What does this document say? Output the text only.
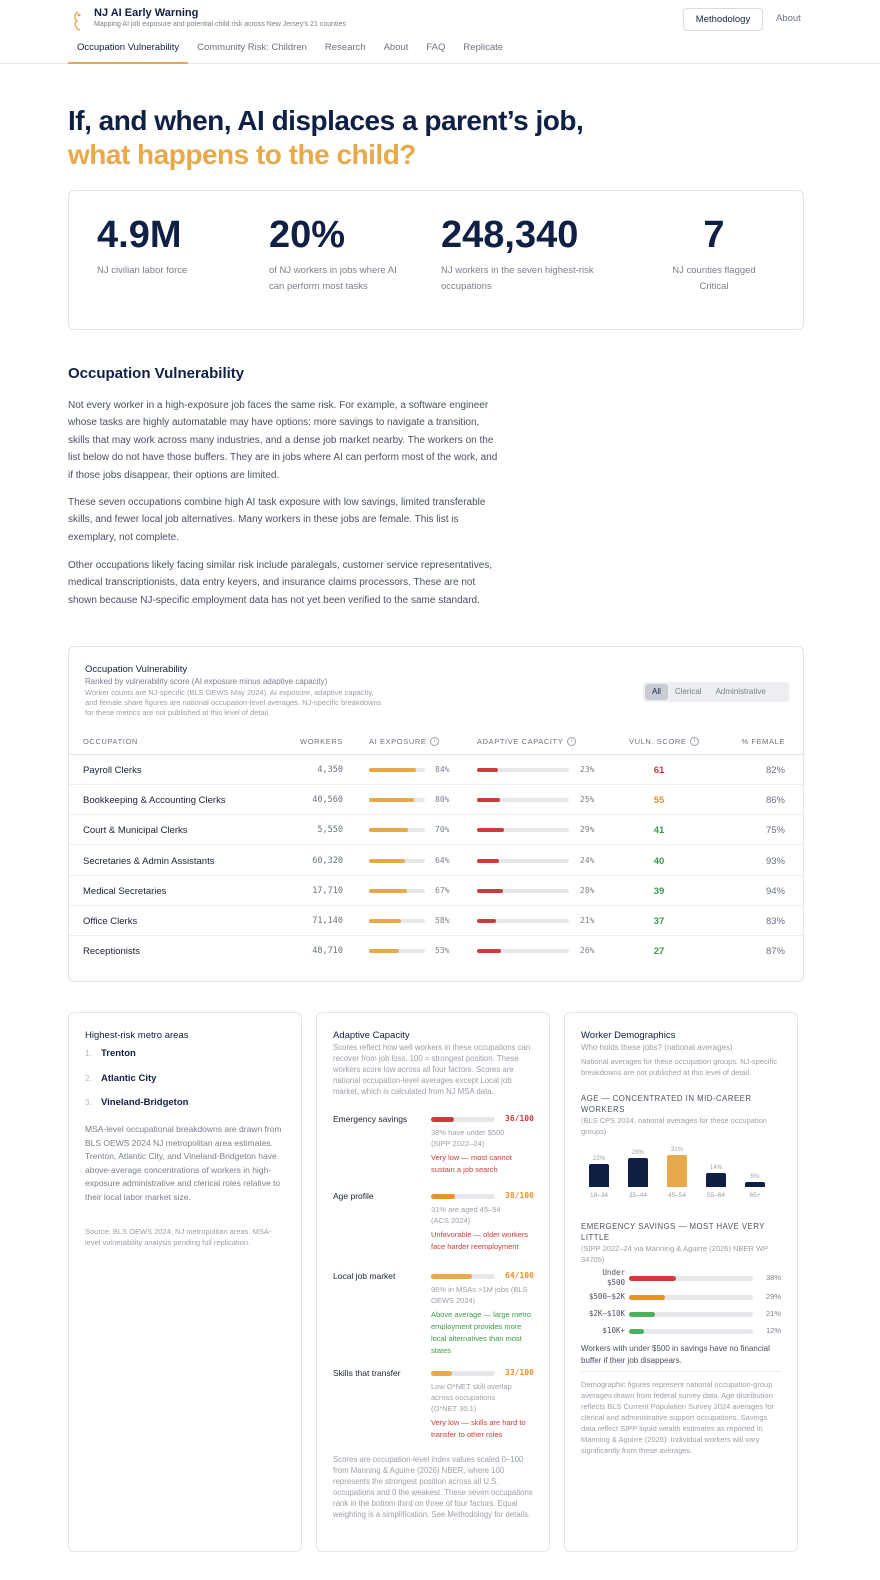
NJ AI Early Warning
Mapping AI job exposure and potential child risk across New Jersey's 21 counties	Methodology	About
Occupation Vulnerability	Community Risk: Children	Research	About	FAQ	Replicate
If, and when, AI displaces a parent’s job,
what happens to the child?
4.9M
NJ civilian labor force
20%
of NJ workers in jobs where AI can perform most tasks
248,340
NJ workers in the seven highest-risk occupations
7
NJ counties flagged Critical
Occupation Vulnerability
Not every worker in a high-exposure job faces the same risk. For example, a software engineer whose tasks are highly automatable may have options: more savings to navigate a transition, skills that may work across many industries, and a dense job market nearby. The workers on the list below do not have those buffers. They are in jobs where AI can perform most of the work, and if those jobs disappear, their options are limited.
These seven occupations combine high AI task exposure with low savings, limited transferable skills, and fewer local job alternatives. Many workers in these jobs are female. This list is exemplary, not complete.
Other occupations likely facing similar risk include paralegals, customer service representatives, medical transcriptionists, data entry keyers, and insurance claims processors. These are not shown because NJ-specific employment data has not yet been verified to the same standard.
Occupation Vulnerability
Ranked by vulnerability score (AI exposure minus adaptive capacity)
Worker counts are NJ-specific (BLS OEWS May 2024). AI exposure, adaptive capacity, and female share figures are national occupation-level averages. NJ-specific breakdowns for these metrics are not published at this level of detail.
All	Clerical	Administrative
OCCUPATION	WORKERS	AI EXPOSURE	i	ADAPTIVE CAPACITY	i	VULN. SCORE	i	% FEMALE
Payroll Clerks	4,350	84%	23%	61	82%
Bookkeeping & Accounting Clerks	40,560	80%	25%	55	86%
Court & Municipal Clerks	5,550	70%	29%	41	75%
Secretaries & Admin Assistants	60,320	64%	24%	40	93%
Medical Secretaries	17,710	67%	28%	39	94%
Office Clerks	71,140	58%	21%	37	83%
Receptionists	48,710	53%	26%	27	87%
Highest-risk metro areas
1. Trenton
2. Atlantic City
3. Vineland-Bridgeton
MSA-level occupational breakdowns are drawn from BLS OEWS 2024 NJ metropolitan area estimates. Trenton, Atlantic City, and Vineland-Bridgeton have above-average concentrations of workers in high-exposure administrative and clerical roles relative to their local labor market size.
Source: BLS OEWS 2024, NJ metropolitan areas. MSA-level vulnerability analysis pending full replication.
Adaptive Capacity
Scores reflect how well workers in these occupations can recover from job loss. 100 = strongest position. These workers score low across all four factors. Scores are national occupation-level averages except Local job market, which is calculated from NJ MSA data.
Emergency savings	36/100
38% have under $500
(SIPP 2022–24)
Very low — most cannot sustain a job search
Age profile	38/100
31% are aged 45–54
(ACS 2024)
Unfavorable — older workers face harder reemployment
Local job market	64/100
96% in MSAs >1M jobs (BLS OEWS 2024)
Above average — large metro employment provides more local alternatives than most states
Skills that transfer	33/100
Low O*NET skill overlap across occupations
(O*NET 30.1)
Very low — skills are hard to transfer to other roles
Scores are occupation-level index values scaled 0–100 from Manning & Aguirre (2026) NBER, where 100 represents the strongest position across all U.S. occupations and 0 the weakest. These seven occupations rank in the bottom third on three of four factors. Equal weighting is a simplification. See Methodology for details.
Worker Demographics
Who holds these jobs? (national averages)
National averages for these occupation groups. NJ-specific breakdowns are not published at this level of detail.
AGE — CONCENTRATED IN MID-CAREER WORKERS
(BLS CPS 2024, national averages for these occupation groups)
22%
18–34
28%
35–44
31%
45–54
14%
55–64
5%
65+
EMERGENCY SAVINGS — MOST HAVE VERY LITTLE
(SIPP 2022–24 via Manning & Aguirre (2026) NBER WP 34705)
Under $500
38%
$500–$2K	29%
$2K–$10K	21%
$10K+	12%
Workers with under $500 in savings have no financial buffer if their job disappears.
Demographic figures represent national occupation-group averages drawn from federal survey data. Age distribution reflects BLS Current Population Survey 2024 averages for clerical and administrative support occupations. Savings data reflect SIPP liquid wealth estimates as reported in Manning & Aguirre (2026). Individual workers will vary significantly from these averages.
